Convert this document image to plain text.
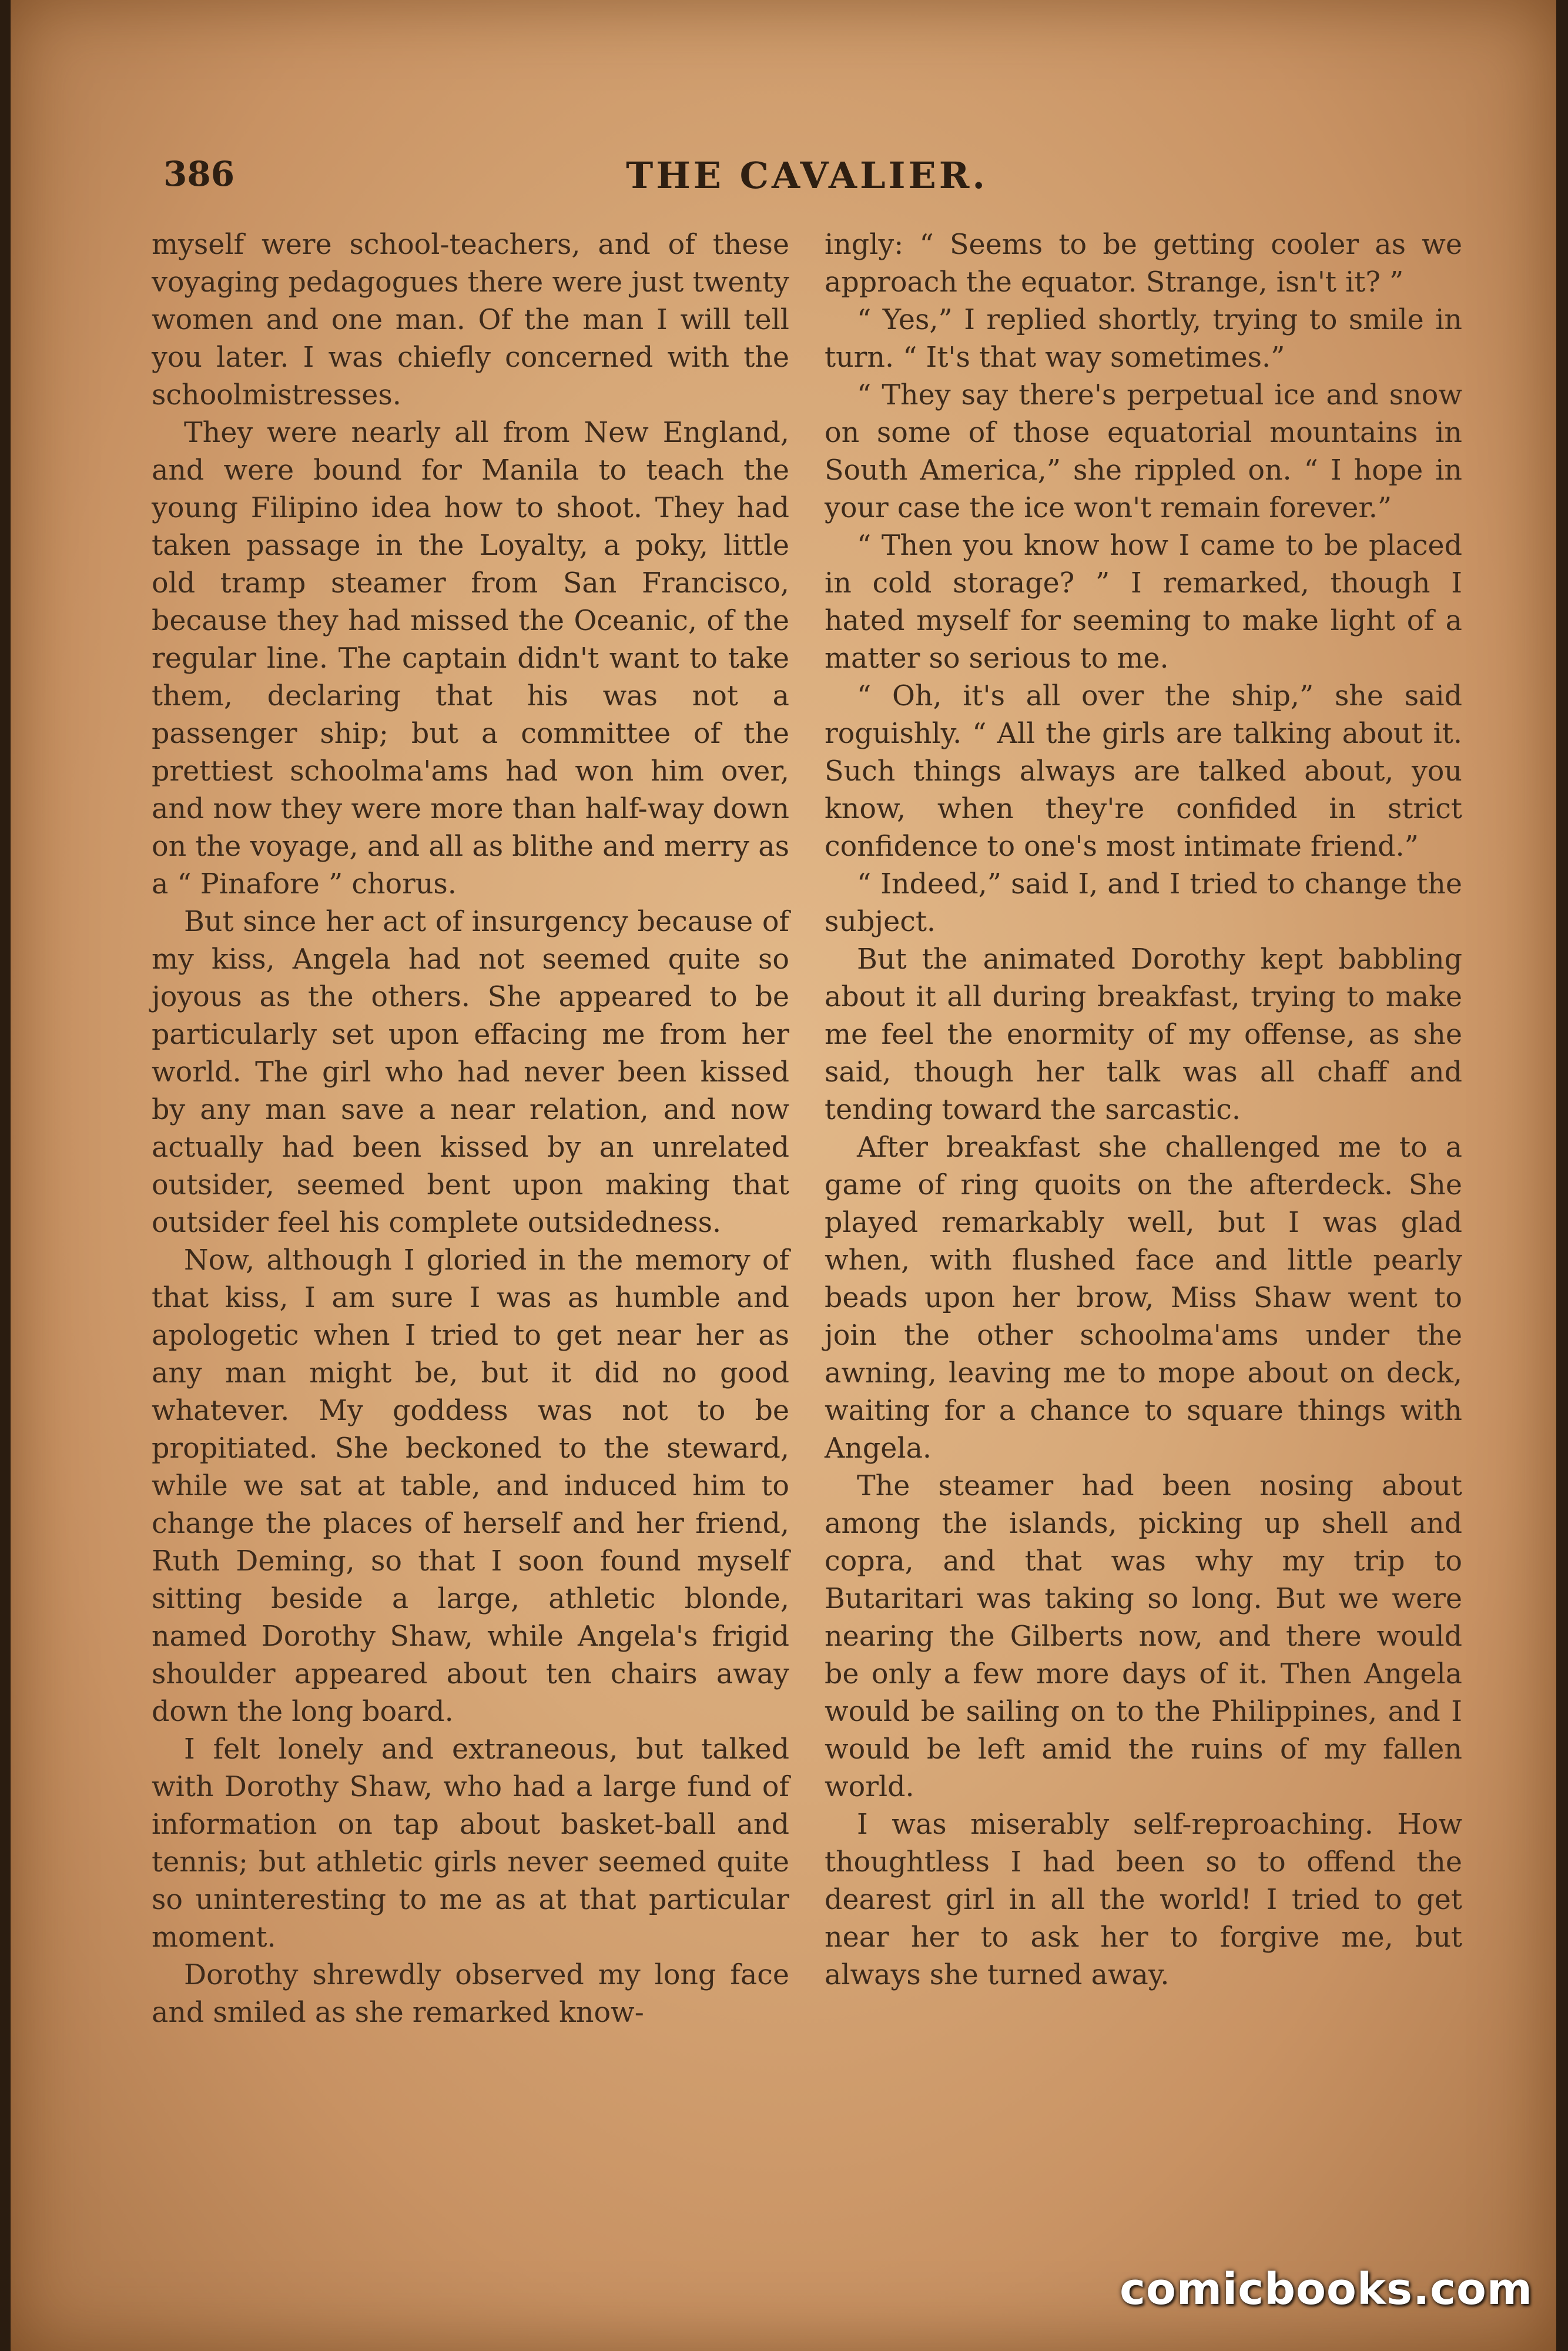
386	THE CAVALIER.

myself were school-teachers, and of these voyaging pedagogues there were just twenty women and one man. Of the man I will tell you later. I was chiefly concerned with the schoolmistresses.

They were nearly all from New England, and were bound for Manila to teach the young Filipino idea how to shoot. They had taken passage in the Loyalty, a poky, little old tramp steamer from San Francisco, because they had missed the Oceanic, of the regular line. The captain didn't want to take them, declaring that his was not a passenger ship; but a committee of the prettiest schoolma'ams had won him over, and now they were more than half-way down on the voyage, and all as blithe and merry as a “ Pinafore ” chorus.

But since her act of insurgency because of my kiss, Angela had not seemed quite so joyous as the others. She appeared to be particularly set upon effacing me from her world. The girl who had never been kissed by any man save a near relation, and now actually had been kissed by an unrelated outsider, seemed bent upon making that outsider feel his complete outsidedness.

Now, although I gloried in the memory of that kiss, I am sure I was as humble and apologetic when I tried to get near her as any man might be, but it did no good whatever. My goddess was not to be propitiated. She beckoned to the steward, while we sat at table, and induced him to change the places of herself and her friend, Ruth Deming, so that I soon found myself sitting beside a large, athletic blonde, named Dorothy Shaw, while Angela's frigid shoulder appeared about ten chairs away down the long board.

I felt lonely and extraneous, but talked with Dorothy Shaw, who had a large fund of information on tap about basket-ball and tennis; but athletic girls never seemed quite so uninteresting to me as at that particular moment.

Dorothy shrewdly observed my long face and smiled as she remarked know-

ingly: “ Seems to be getting cooler as we approach the equator. Strange, isn't it? ”

“ Yes,” I replied shortly, trying to smile in turn. “ It's that way sometimes.”

“ They say there's perpetual ice and snow on some of those equatorial mountains in South America,” she rippled on. “ I hope in your case the ice won't remain forever.”

“ Then you know how I came to be placed in cold storage? ” I remarked, though I hated myself for seeming to make light of a matter so serious to me.

“ Oh, it's all over the ship,” she said roguishly. “ All the girls are talking about it. Such things always are talked about, you know, when they're confided in strict confidence to one's most intimate friend.”

“ Indeed,” said I, and I tried to change the subject.

But the animated Dorothy kept babbling about it all during breakfast, trying to make me feel the enormity of my offense, as she said, though her talk was all chaff and tending toward the sarcastic.

After breakfast she challenged me to a game of ring quoits on the afterdeck. She played remarkably well, but I was glad when, with flushed face and little pearly beads upon her brow, Miss Shaw went to join the other schoolma'ams under the awning, leaving me to mope about on deck, waiting for a chance to square things with Angela.

The steamer had been nosing about among the islands, picking up shell and copra, and that was why my trip to Butaritari was taking so long. But we were nearing the Gilberts now, and there would be only a few more days of it. Then Angela would be sailing on to the Philippines, and I would be left amid the ruins of my fallen world.

I was miserably self-reproaching. How thoughtless I had been so to offend the dearest girl in all the world! I tried to get near her to ask her to forgive me, but always she turned away.

comicbooks.com
